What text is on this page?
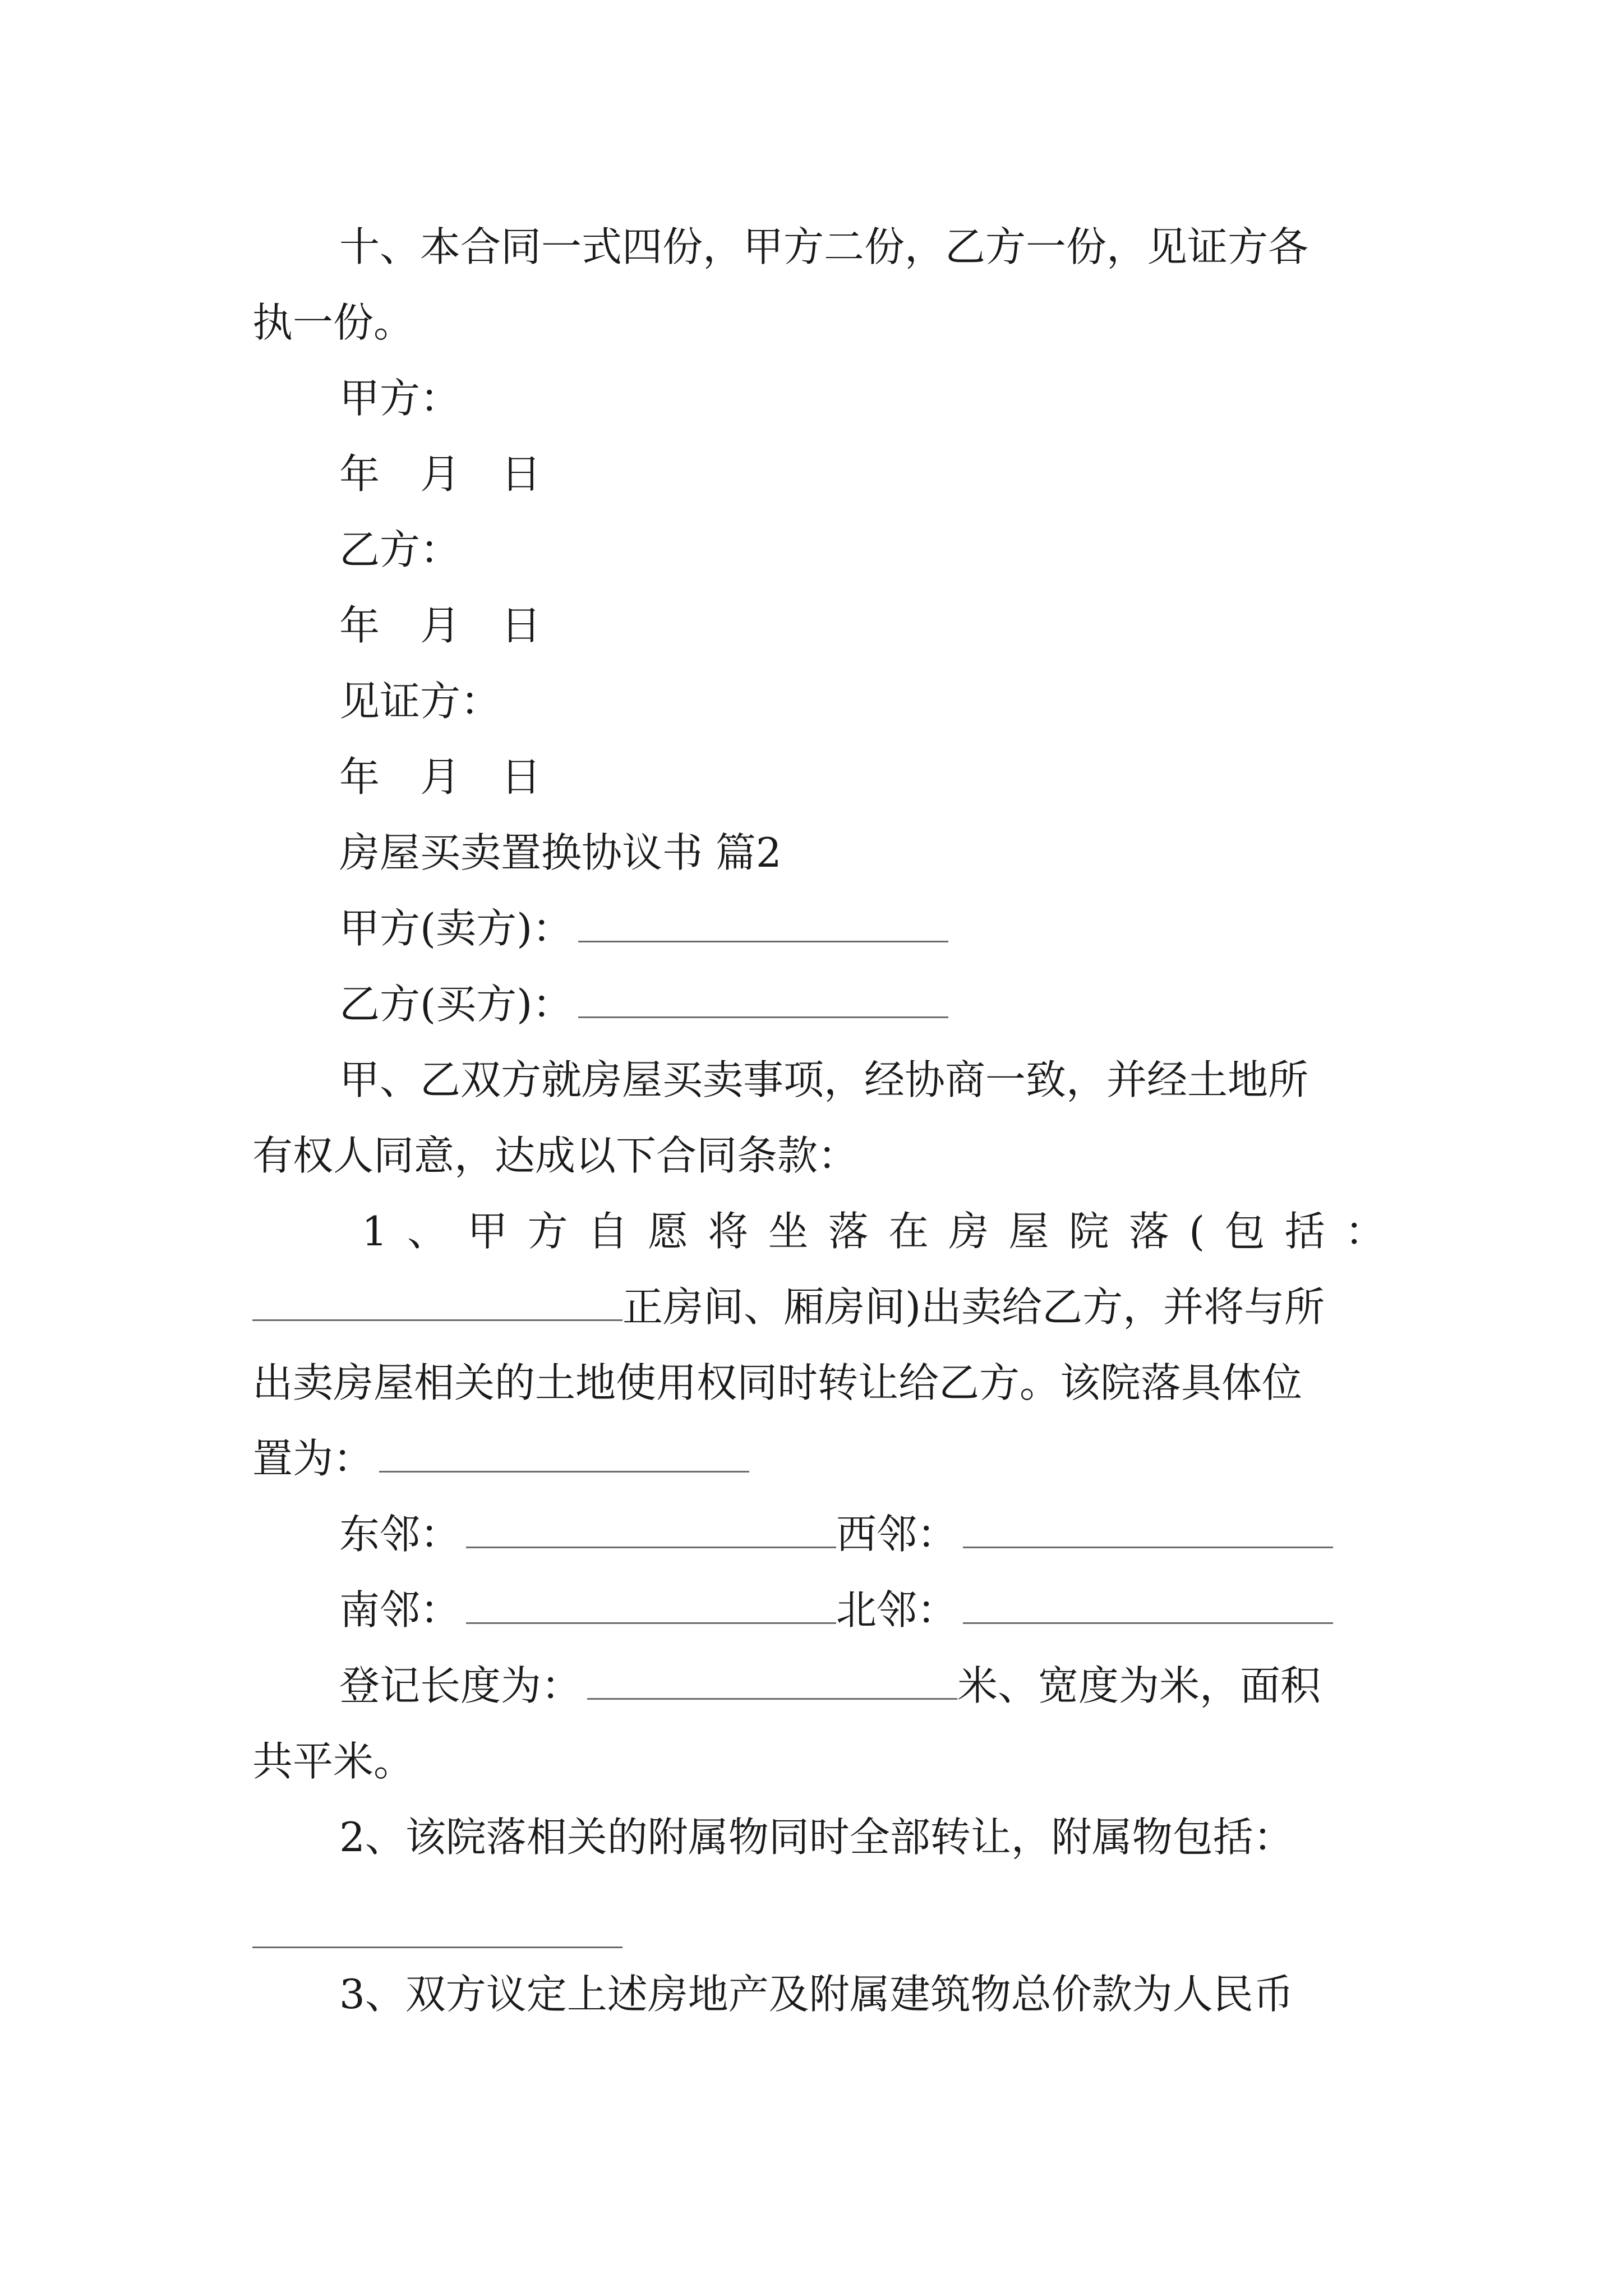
十、本合同一式四份，甲方二份，乙方一份，见证方各
执一份。
甲方：
年　月　日
乙方：
年　月　日
见证方：
年　月　日
房屋买卖置换协议书 篇2
甲方(卖方)：
乙方(买方)：
甲、乙双方就房屋买卖事项，经协商一致，并经土地所
有权人同意，达成以下合同条款：
1、甲方自愿将坐落在房屋院落(包括：
正房间、厢房间)出卖给乙方，并将与所
出卖房屋相关的土地使用权同时转让给乙方。该院落具体位
置为：
东邻：	西邻：
南邻：	北邻：
登记长度为：	米、宽度为米，面积
共平米。
2、该院落相关的附属物同时全部转让，附属物包括：
3、双方议定上述房地产及附属建筑物总价款为人民币
